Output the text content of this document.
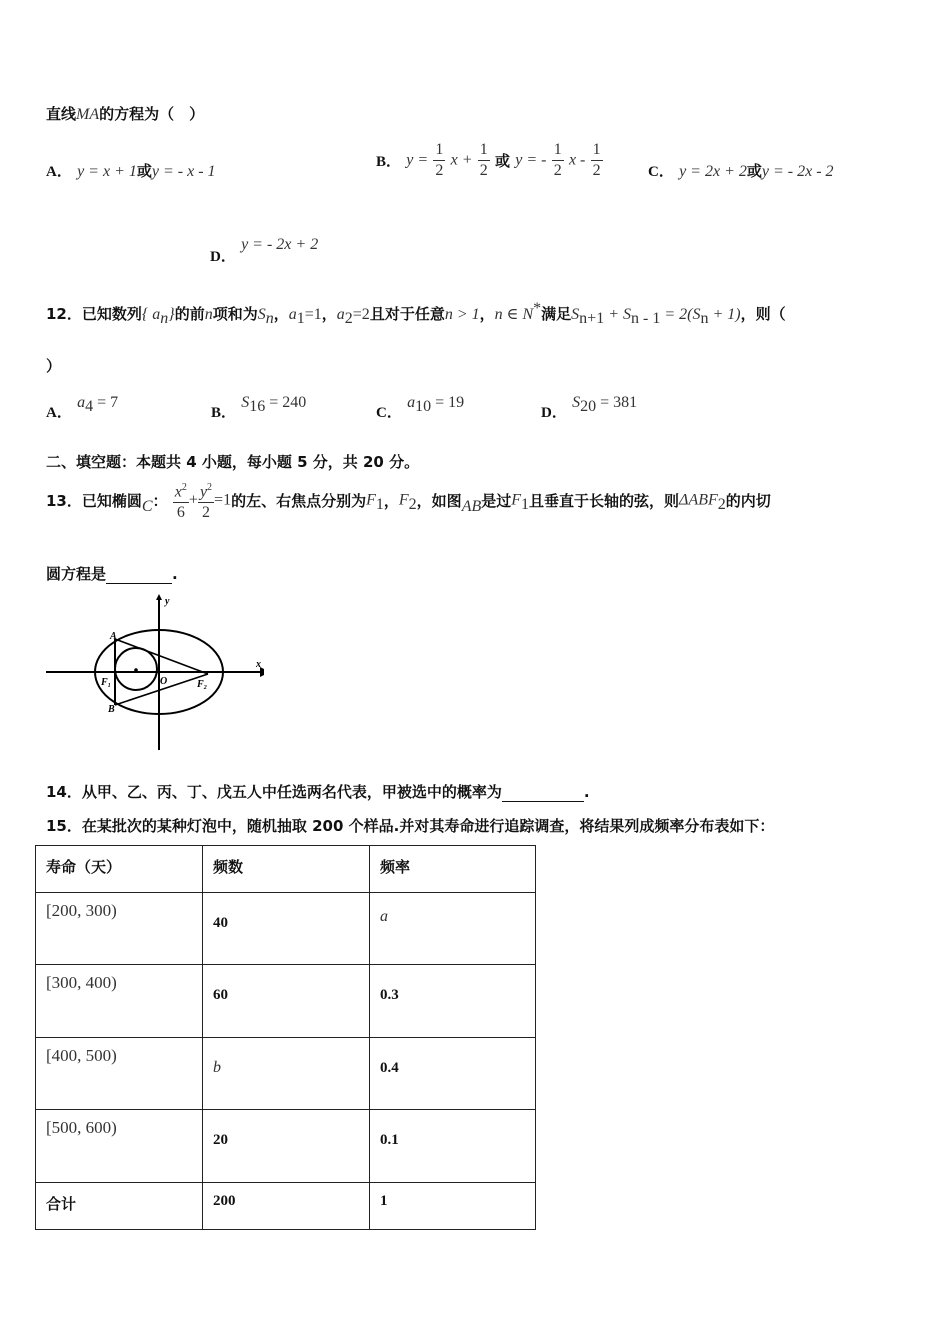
直线MA的方程为（　）
A． y = x + 1或y = - x - 1
B． $y = \frac{1}{2}$ $x + \frac{1}{2}$ 或 y = - $\frac{1}{2}$ x - $\frac{1}{2}$	C． y = 2x + 2或y = - 2x - 2
D． y = - 2x + 2
12．已知数列{ $a_n$}的前n项和为$S_n$，$a_1=1$，$a_2=2$且对于任意n > 1，n ∈ N*满足$S_{n+1} + S_{n - 1} = 2(S_n + 1)$，则（
）
A． $a_4 = 7$
B． $S_{16} = 240$
C． $a_{10} = 19$
D． $S_{20} = 381$
二、填空题：本题共 4 小题，每小题 5 分，共 20 分。
13．已知椭圆C： $\frac{x^2}{6} + \frac{y^2}{2} =1$的左、右焦点分别为$F_1$，$F_2$，如图AB是过$F_1$且垂直于长轴的弦，则$\Delta ABF_2$的内切
圆方程是	.
y
x
A
B
F₁	O	F₂
14．从甲、乙、丙、丁、戊五人中任选两名代表，甲被选中的概率为	.
15．在某批次的某种灯泡中，随机抽取 200 个样品.并对其寿命进行追踪调查，将结果列成频率分布表如下：
寿命（天）	频数	频率
[200, 300)	40	a
[300, 400)	60	0.3
[400, 500)	b	0.4
[500, 600)	20	0.1
合计	200	1
